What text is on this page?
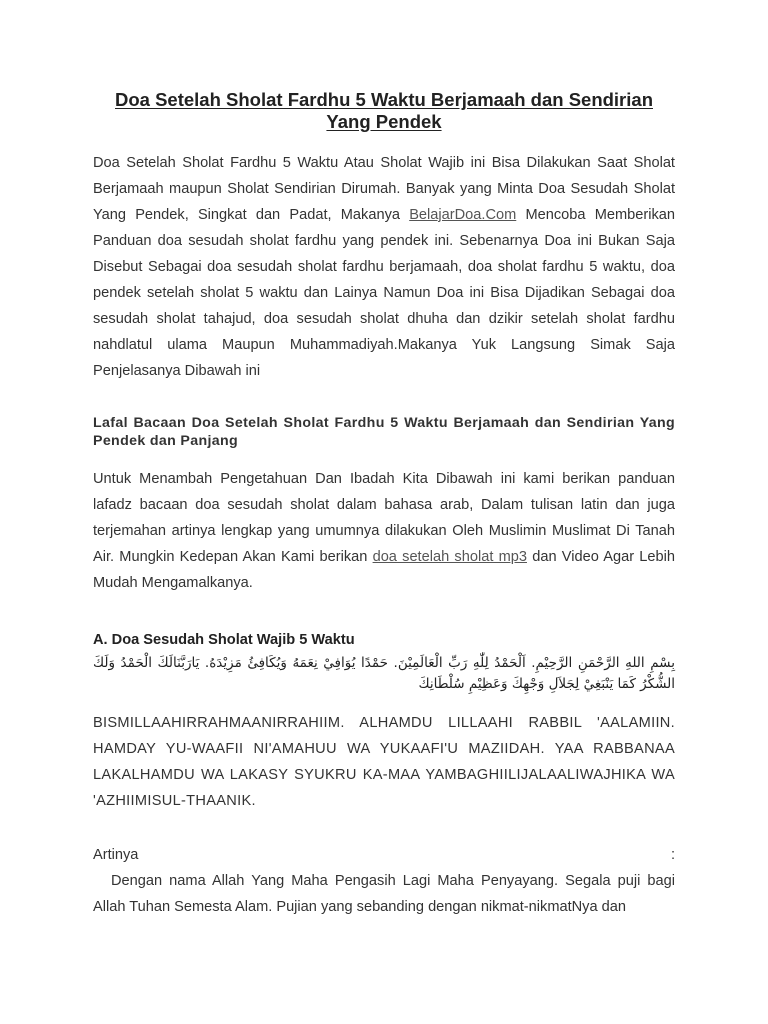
Doa Setelah Sholat Fardhu 5 Waktu Berjamaah dan Sendirian Yang Pendek

Doa Setelah Sholat Fardhu 5 Waktu Atau Sholat Wajib ini Bisa Dilakukan Saat Sholat Berjamaah maupun Sholat Sendirian Dirumah. Banyak yang Minta Doa Sesudah Sholat Yang Pendek, Singkat dan Padat, Makanya BelajarDoa.Com Mencoba Memberikan Panduan doa sesudah sholat fardhu yang pendek ini. Sebenarnya Doa ini Bukan Saja Disebut Sebagai doa sesudah sholat fardhu berjamaah, doa sholat fardhu 5 waktu, doa pendek setelah sholat 5 waktu dan Lainya Namun Doa ini Bisa Dijadikan Sebagai doa sesudah sholat tahajud, doa sesudah sholat dhuha dan dzikir setelah sholat fardhu nahdlatul ulama Maupun Muhammadiyah.Makanya Yuk Langsung Simak Saja Penjelasanya Dibawah ini

Lafal Bacaan Doa Setelah Sholat Fardhu 5 Waktu Berjamaah dan Sendirian Yang Pendek dan Panjang

Untuk Menambah Pengetahuan Dan Ibadah Kita Dibawah ini kami berikan panduan lafadz bacaan doa sesudah sholat dalam bahasa arab, Dalam tulisan latin dan juga terjemahan artinya lengkap yang umumnya dilakukan Oleh Muslimin Muslimat Di Tanah Air. Mungkin Kedepan Akan Kami berikan doa setelah sholat mp3 dan Video Agar Lebih Mudah Mengamalkanya.

A. Doa Sesudah Sholat Wajib 5 Waktu

بِسْمِ اللهِ الرَّحْمَنِ الرَّحِيْمِ. اَلْحَمْدُ لِلّٰهِ رَبِّ الْعَالَمِيْنَ. حَمْدًا يُوَافِيْ نِعَمَهُ وَيُكَافِئُ مَزِيْدَهُ. يَارَبَّنَالَكَ الْحَمْدُ وَلَكَ الشُّكْرُ كَمَا يَنْبَغِيْ لِجَلاَلِ وَجْهِكَ وَعَظِيْمِ سُلْطَانِكَ

BISMILLAAHIRRAHMAANIRRAHIIM. ALHAMDU LILLAAHI RABBIL 'AALAMIIN. HAMDAY YU-WAAFII NI'AMAHUU WA YUKAAFI'U MAZIIDAH. YAA RABBANAA LAKALHAMDU WA LAKASY SYUKRU KA-MAA YAMBAGHIILIJALAALIWAJHIKA WA 'AZHIIMISUL-THAANIK.

Artinya	:

Dengan nama Allah Yang Maha Pengasih Lagi Maha Penyayang. Segala puji bagi Allah Tuhan Semesta Alam. Pujian yang sebanding dengan nikmat-nikmatNya dan
